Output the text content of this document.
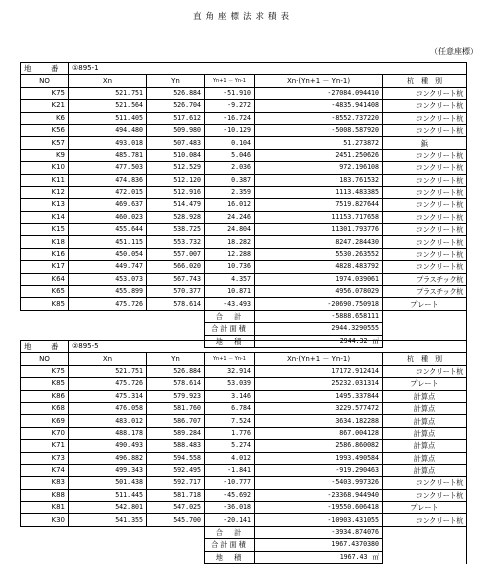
直角座標法求積表
（任意座標）
地　番	①895-1				
NO	Xn	Yn	Yn+1 － Yn-1	Xn·(Yn+1 － Yn-1)	杭　種　別
K75	521.751	526.884	-51.910	-27084.094410	コンクリート杭
K21	521.564	526.704	-9.272	-4835.941408	コンクリート杭
K6	511.405	517.612	-16.724	-8552.737220	コンクリート杭
K56	494.480	509.980	-10.129	-5008.587920	コンクリート杭
K57	493.018	507.483	0.104	51.273872	鋲
K9	485.781	510.084	5.046	2451.250626	コンクリート杭
K10	477.503	512.529	2.036	972.196108	コンクリート杭
K11	474.836	512.120	0.387	183.761532	コンクリート杭
K12	472.015	512.916	2.359	1113.483385	コンクリート杭
K13	469.637	514.479	16.012	7519.827644	コンクリート杭
K14	460.023	528.928	24.246	11153.717658	コンクリート杭
K15	455.644	538.725	24.804	11301.793776	コンクリート杭
K18	451.115	553.732	18.282	8247.284430	コンクリート杭
K16	450.054	557.007	12.288	5530.263552	コンクリート杭
K17	449.747	566.020	10.736	4828.483792	コンクリート杭
K64	453.073	567.743	4.357	1974.039061	プラスチック杭
K65	455.899	570.377	10.871	4956.078029	プラスチック杭
K85	475.726	578.614	-43.493	-20690.750918	プレート
			合　計	-5888.658111	
			合計面積	2944.3290555	
			地　積	2944.32 ㎡	
地　番	②895-5				
NO	Xn	Yn	Yn+1 － Yn-1	Xn·(Yn+1 － Yn-1)	杭　種　別
K75	521.751	526.884	32.914	17172.912414	コンクリート杭
K85	475.726	578.614	53.039	25232.031314	プレート
K86	475.314	579.923	3.146	1495.337844	計算点
K68	476.058	581.760	6.784	3229.577472	計算点
K69	483.012	586.707	7.524	3634.182288	計算点
K70	488.178	589.284	1.776	867.004128	計算点
K71	490.493	588.483	5.274	2586.860082	計算点
K73	496.882	594.558	4.012	1993.490584	計算点
K74	499.343	592.495	-1.841	-919.290463	計算点
K83	501.438	592.717	-10.777	-5403.997326	コンクリート杭
K88	511.445	581.718	-45.692	-23368.944940	コンクリート杭
K81	542.801	547.025	-36.018	-19550.606418	プレート
K30	541.355	545.700	-20.141	-10903.431055	コンクリート杭
			合　計	-3934.874076	
			合計面積	1967.4370380	
			地　積	1967.43 ㎡	
